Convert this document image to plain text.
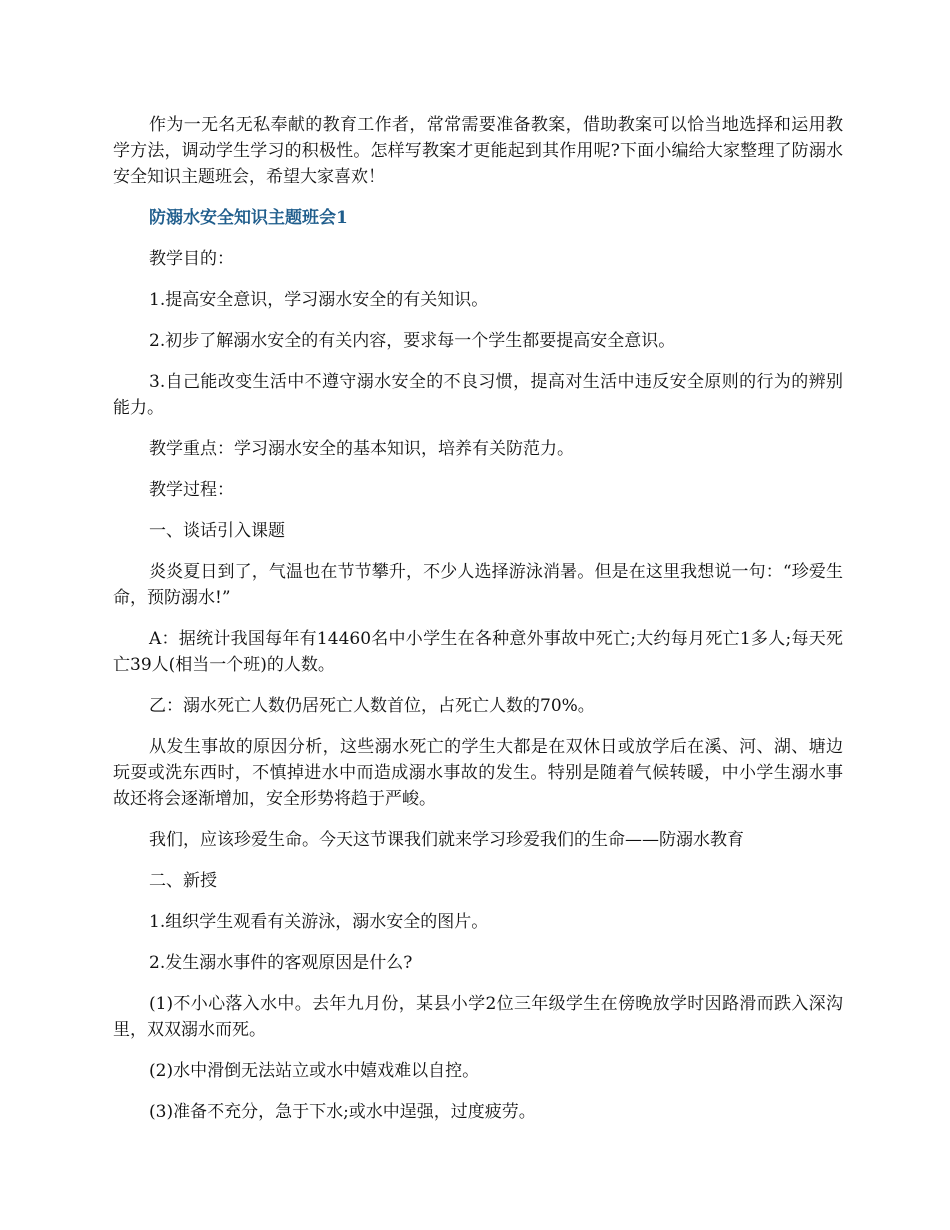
作为一无名无私奉献的教育工作者，常常需要准备教案，借助教案可以恰当地选择和运用教学方法，调动学生学习的积极性。怎样写教案才更能起到其作用呢?下面小编给大家整理了防溺水安全知识主题班会，希望大家喜欢！

防溺水安全知识主题班会1

教学目的：

1.提高安全意识，学习溺水安全的有关知识。

2.初步了解溺水安全的有关内容，要求每一个学生都要提高安全意识。

3.自己能改变生活中不遵守溺水安全的不良习惯，提高对生活中违反安全原则的行为的辨别能力。

教学重点：学习溺水安全的基本知识，培养有关防范力。

教学过程：

一、谈话引入课题

炎炎夏日到了，气温也在节节攀升，不少人选择游泳消暑。但是在这里我想说一句：“珍爱生命，预防溺水!”

A：据统计我国每年有14460名中小学生在各种意外事故中死亡;大约每月死亡1多人;每天死亡39人(相当一个班)的人数。

乙：溺水死亡人数仍居死亡人数首位，占死亡人数的70%。

从发生事故的原因分析，这些溺水死亡的学生大都是在双休日或放学后在溪、河、湖、塘边玩耍或洗东西时，不慎掉进水中而造成溺水事故的发生。特别是随着气候转暖，中小学生溺水事故还将会逐渐增加，安全形势将趋于严峻。

我们，应该珍爱生命。今天这节课我们就来学习珍爱我们的生命——防溺水教育

二、新授

1.组织学生观看有关游泳，溺水安全的图片。

2.发生溺水事件的客观原因是什么?

(1)不小心落入水中。去年九月份，某县小学2位三年级学生在傍晚放学时因路滑而跌入深沟里，双双溺水而死。

(2)水中滑倒无法站立或水中嬉戏难以自控。

(3)准备不充分，急于下水;或水中逞强，过度疲劳。
